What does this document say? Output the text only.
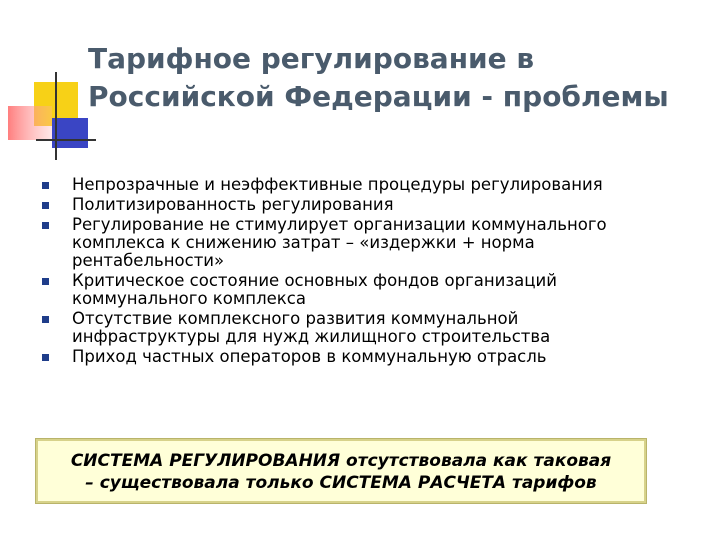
Тарифное регулирование в
Российской Федерации - проблемы
Непрозрачные и неэффективные процедуры регулирования
Политизированность регулирования
Регулирование не стимулирует организации коммунального
комплекса к снижению затрат – «издержки + норма
рентабельности»
Критическое состояние основных фондов организаций
коммунального комплекса
Отсутствие комплексного развития коммунальной
инфраструктуры для нужд жилищного строительства
Приход частных операторов в коммунальную отрасль
СИСТЕМА РЕГУЛИРОВАНИЯ отсутствовала как таковая
– существовала только СИСТЕМА РАСЧЕТА тарифов
